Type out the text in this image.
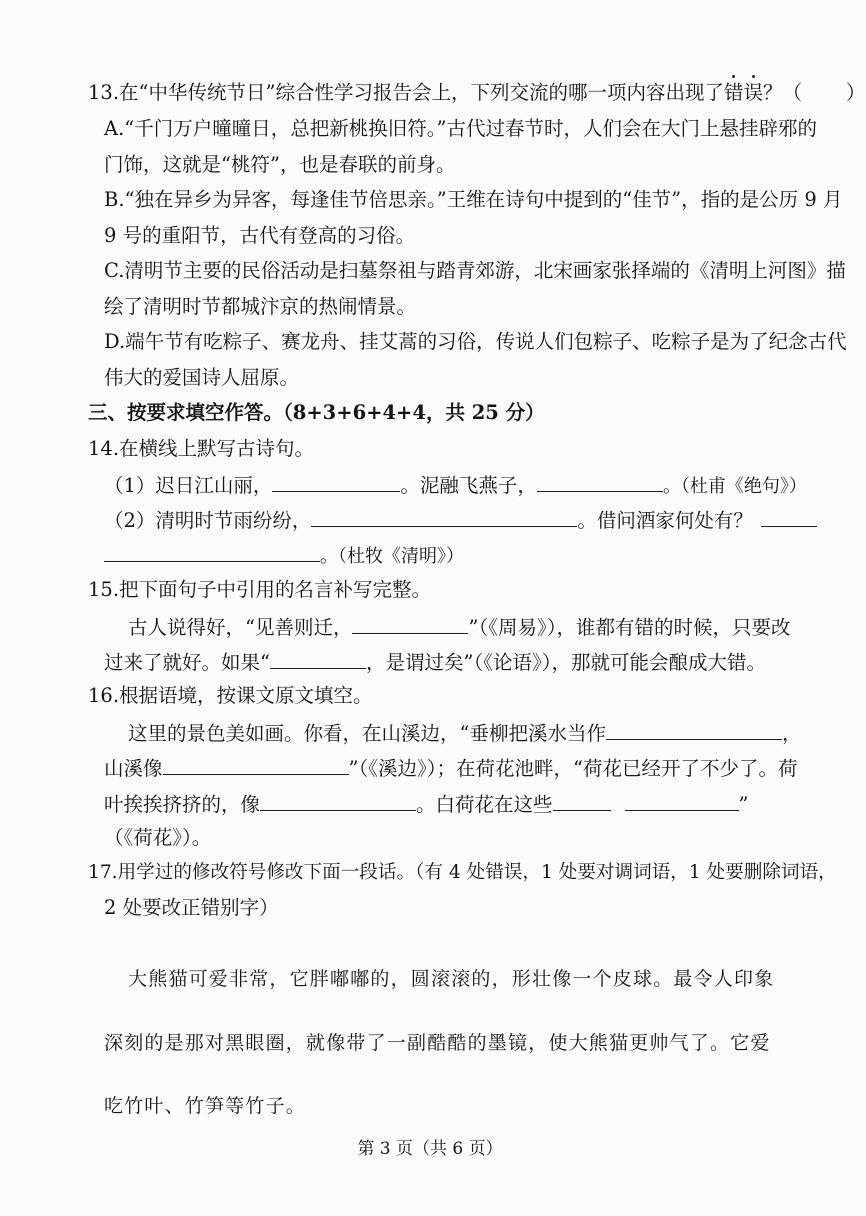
13.在“中华传统节日”综合性学习报告会上，下列交流的哪一项内容出现了错误？（ ）
A.“千门万户曈曈日，总把新桃换旧符。”古代过春节时，人们会在大门上悬挂辟邪的
门饰，这就是“桃符”，也是春联的前身。
B.“独在异乡为异客，每逢佳节倍思亲。”王维在诗句中提到的“佳节”，指的是公历 9 月
9 号的重阳节，古代有登高的习俗。
C.清明节主要的民俗活动是扫墓祭祖与踏青郊游，北宋画家张择端的《清明上河图》描
绘了清明时节都城汴京的热闹情景。
D.端午节有吃粽子、赛龙舟、挂艾蒿的习俗，传说人们包粽子、吃粽子是为了纪念古代
伟大的爱国诗人屈原。
三、按要求填空作答。（8+3+6+4+4，共 25 分）
14.在横线上默写古诗句。
（1）迟日江山丽，	。泥融飞燕子，	。（杜甫《绝句》）
（2）清明时节雨纷纷，	。借问酒家何处有？
。（杜牧《清明》）
15.把下面句子中引用的名言补写完整。
古人说得好，“见善则迁，	”（《周易》），谁都有错的时候，只要改
过来了就好。如果“	，是谓过矣”（《论语》），那就可能会酿成大错。
16.根据语境，按课文原文填空。
这里的景色美如画。你看，在山溪边，“垂柳把溪水当作	，
山溪像	”（《溪边》）；在荷花池畔，“荷花已经开了不少了。荷
叶挨挨挤挤的，像	。白荷花在这些	”
（《荷花》）。
17.用学过的修改符号修改下面一段话。（有 4 处错误，1 处要对调词语，1 处要删除词语，
2 处要改正错别字）
大熊猫可爱非常，它胖嘟嘟的，圆滚滚的，形壮像一个皮球。最令人印象
深刻的是那对黑眼圈，就像带了一副酷酷的墨镜，使大熊猫更帅气了。它爱
吃竹叶、竹笋等竹子。
第 3 页（共 6 页）
